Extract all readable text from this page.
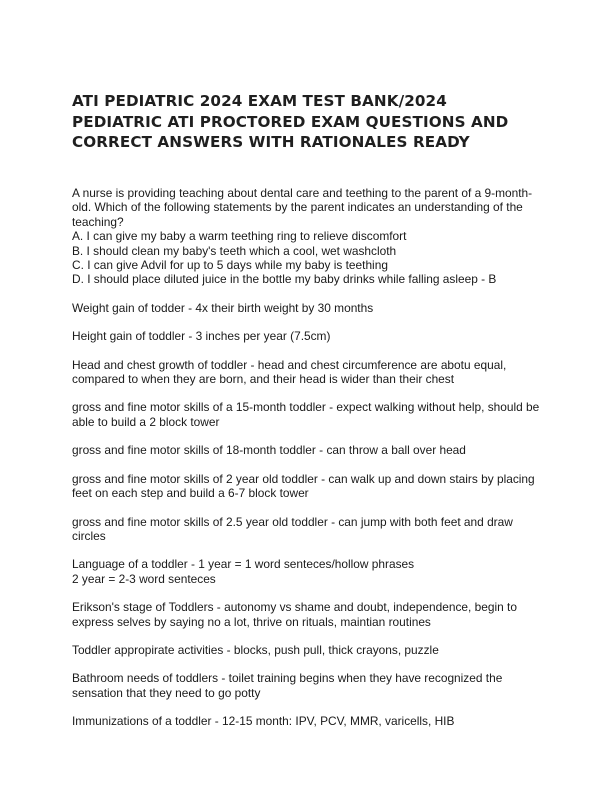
ATI PEDIATRIC 2024 EXAM TEST BANK/2024 PEDIATRIC ATI PROCTORED EXAM QUESTIONS AND CORRECT ANSWERS WITH RATIONALES READY

A nurse is providing teaching about dental care and teething to the parent of a 9-month-old. Which of the following statements by the parent indicates an understanding of the teaching?

A. I can give my baby a warm teething ring to relieve discomfort

B. I should clean my baby's teeth which a cool, wet washcloth

C. I can give Advil for up to 5 days while my baby is teething

D. I should place diluted juice in the bottle my baby drinks while falling asleep - B

Weight gain of todder - 4x their birth weight by 30 months

Height gain of toddler - 3 inches per year (7.5cm)

Head and chest growth of toddler - head and chest circumference are abotu equal, compared to when they are born, and their head is wider than their chest

gross and fine motor skills of a 15-month toddler - expect walking without help, should be able to build a 2 block tower

gross and fine motor skills of 18-month toddler - can throw a ball over head

gross and fine motor skills of 2 year old toddler - can walk up and down stairs by placing feet on each step and build a 6-7 block tower

gross and fine motor skills of 2.5 year old toddler - can jump with both feet and draw circles

Language of a toddler - 1 year = 1 word senteces/hollow phrases

2 year = 2-3 word senteces

Erikson's stage of Toddlers - autonomy vs shame and doubt, independence, begin to express selves by saying no a lot, thrive on rituals, maintian routines

Toddler appropirate activities - blocks, push pull, thick crayons, puzzle

Bathroom needs of toddlers - toilet training begins when they have recognized the sensation that they need to go potty

Immunizations of a toddler - 12-15 month: IPV, PCV, MMR, varicells, HIB
